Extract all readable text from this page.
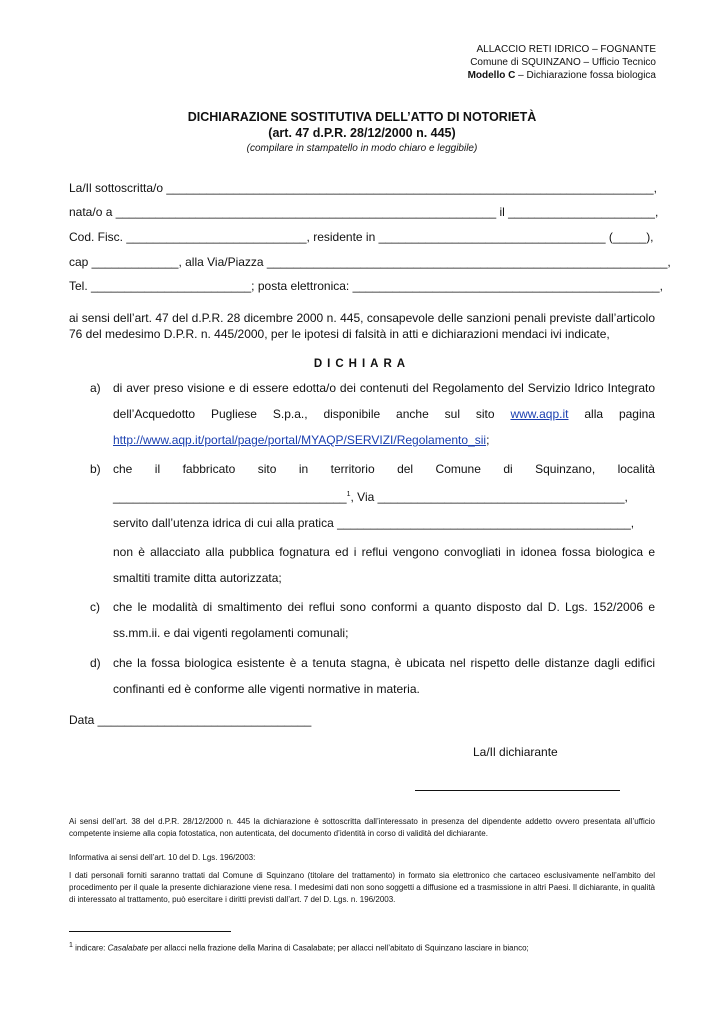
ALLACCIO RETI IDRICO – FOGNANTE
Comune di SQUINZANO – Ufficio Tecnico
Modello C – Dichiarazione fossa biologica
DICHIARAZIONE SOSTITUTIVA DELL’ATTO DI NOTORIETÀ
(art. 47 d.P.R. 28/12/2000 n. 445)
(compilare in stampatello in modo chiaro e leggibile)
La/Il sottoscritta/o _________________________________________________________________________,
nata/o a _________________________________________________________ il ______________________,
Cod. Fisc. ___________________________, residente in __________________________________ (_____),
cap _____________, alla Via/Piazza ____________________________________________________________,
Tel. ________________________; posta elettronica: ______________________________________________,
ai sensi dell’art. 47 del d.P.R. 28 dicembre 2000 n. 445, consapevole delle sanzioni penali previste dall’articolo 76 del medesimo D.P.R. n. 445/2000, per le ipotesi di falsità in atti e dichiarazioni mendaci ivi indicate,
DICHIARA
a) di aver preso visione e di essere edotta/o dei contenuti del Regolamento del Servizio Idrico Integrato dell’Acquedotto Pugliese S.p.a., disponibile anche sul sito www.aqp.it alla pagina http://www.aqp.it/portal/page/portal/MYAQP/SERVIZI/Regolamento_sii;
b) che il fabbricato sito in territorio del Comune di Squinzano, località
___________________________________$^1$, Via _____________________________________,
servito dall’utenza idrica di cui alla pratica ____________________________________________,
non è allacciato alla pubblica fognatura ed i reflui vengono convogliati in idonea fossa biologica e smaltiti tramite ditta autorizzata;
c) che le modalità di smaltimento dei reflui sono conformi a quanto disposto dal D. Lgs. 152/2006 e ss.mm.ii. e dai vigenti regolamenti comunali;
d) che la fossa biologica esistente è a tenuta stagna, è ubicata nel rispetto delle distanze dagli edifici confinanti ed è conforme alle vigenti normative in materia.
Data ________________________________
La/Il dichiarante
Ai sensi dell’art. 38 del d.P.R. 28/12/2000 n. 445 la dichiarazione è sottoscritta dall’interessato in presenza del dipendente addetto ovvero presentata all’ufficio competente insieme alla copia fotostatica, non autenticata, del documento d’identità in corso di validità del dichiarante.
Informativa ai sensi dell’art. 10 del D. Lgs. 196/2003:
I dati personali forniti saranno trattati dal Comune di Squinzano (titolare del trattamento) in formato sia elettronico che cartaceo esclusivamente nell’ambito del procedimento per il quale la presente dichiarazione viene resa. I medesimi dati non sono soggetti a diffusione ed a trasmissione in altri Paesi. Il dichiarante, in qualità di interessato al trattamento, può esercitare i diritti previsti dall’art. 7 del D. Lgs. n. 196/2003.
$^1$ indicare: Casalabate per allacci nella frazione della Marina di Casalabate; per allacci nell’abitato di Squinzano lasciare in bianco;
